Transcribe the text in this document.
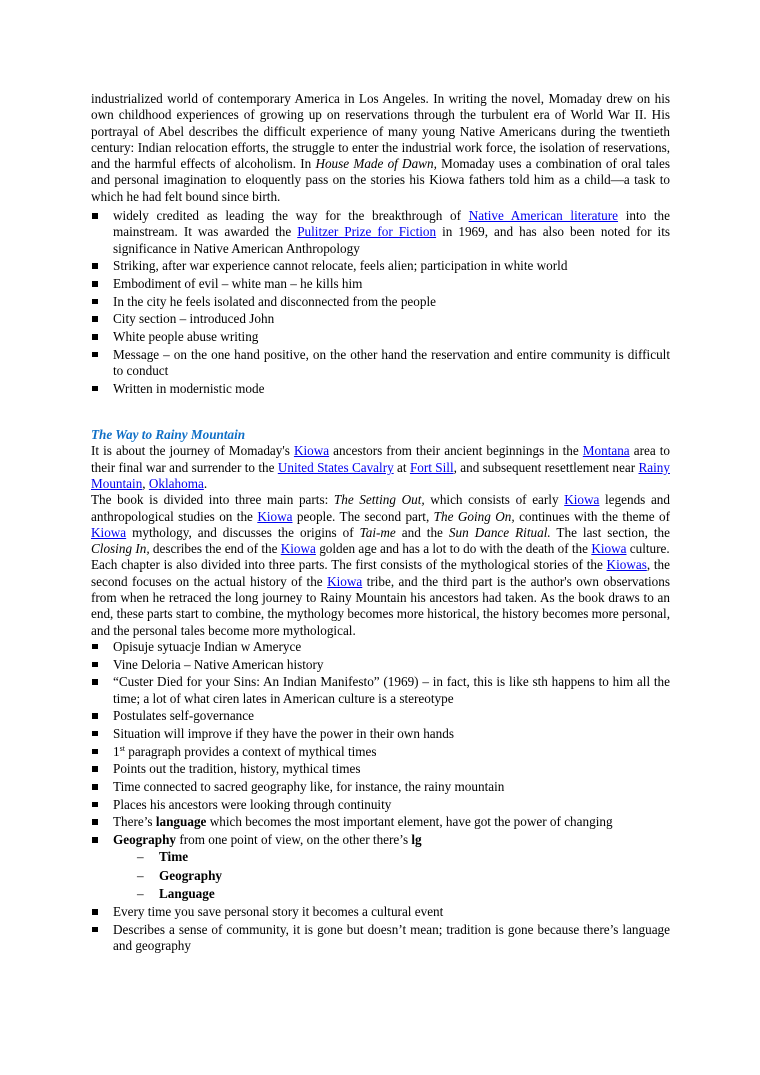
industrialized world of contemporary America in Los Angeles. In writing the novel, Momaday drew on his own childhood experiences of growing up on reservations through the turbulent era of World War II. His portrayal of Abel describes the difficult experience of many young Native Americans during the twentieth century: Indian relocation efforts, the struggle to enter the industrial work force, the isolation of reservations, and the harmful effects of alcoholism. In House Made of Dawn, Momaday uses a combination of oral tales and personal imagination to eloquently pass on the stories his Kiowa fathers told him as a child—a task to which he had felt bound since birth.

widely credited as leading the way for the breakthrough of Native American literature into the mainstream. It was awarded the Pulitzer Prize for Fiction in 1969, and has also been noted for its significance in Native American Anthropology
Striking, after war experience cannot relocate, feels alien; participation in white world
Embodiment of evil – white man – he kills him
In the city he feels isolated and disconnected from the people
City section – introduced John
White people abuse writing
Message – on the one hand positive, on the other hand the reservation and entire community is difficult to conduct
Written in modernistic mode

The Way to Rainy Mountain

It is about the journey of Momaday's Kiowa ancestors from their ancient beginnings in the Montana area to their final war and surrender to the United States Cavalry at Fort Sill, and subsequent resettlement near Rainy Mountain, Oklahoma.

The book is divided into three main parts: The Setting Out, which consists of early Kiowa legends and anthropological studies on the Kiowa people. The second part, The Going On, continues with the theme of Kiowa mythology, and discusses the origins of Tai-me and the Sun Dance Ritual. The last section, the Closing In, describes the end of the Kiowa golden age and has a lot to do with the death of the Kiowa culture.

Each chapter is also divided into three parts. The first consists of the mythological stories of the Kiowas, the second focuses on the actual history of the Kiowa tribe, and the third part is the author's own observations from when he retraced the long journey to Rainy Mountain his ancestors had taken. As the book draws to an end, these parts start to combine, the mythology becomes more historical, the history becomes more personal, and the personal tales become more mythological.

Opisuje sytuacje Indian w Ameryce
Vine Deloria – Native American history
“Custer Died for your Sins: An Indian Manifesto” (1969) – in fact, this is like sth happens to him all the time; a lot of what ciren lates in American culture is a stereotype
Postulates self-governance
Situation will improve if they have the power in their own hands
1st paragraph provides a context of mythical times
Points out the tradition, history, mythical times
Time connected to sacred geography like, for instance, the rainy mountain
Places his ancestors were looking through continuity
There’s language which becomes the most important element, have got the power of changing
Geography from one point of view, on the other there’s lg
– Time
– Geography
– Language
Every time you save personal story it becomes a cultural event
Describes a sense of community, it is gone but doesn’t mean; tradition is gone because there’s language and geography
